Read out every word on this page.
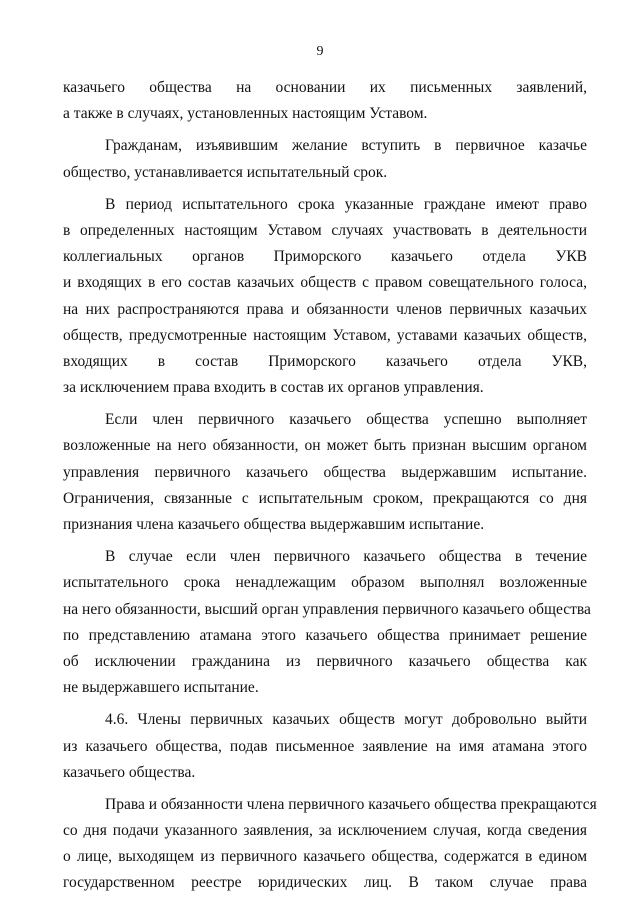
9
казачьего общества на основании их письменных заявлений,
а также в случаях, установленных настоящим Уставом.
Гражданам, изъявившим желание вступить в первичное казачье
общество, устанавливается испытательный срок.
В период испытательного срока указанные граждане имеют право
в определенных настоящим Уставом случаях участвовать в деятельности
коллегиальных органов Приморского казачьего отдела УКВ
и входящих в его состав казачьих обществ с правом совещательного голоса,
на них распространяются права и обязанности членов первичных казачьих
обществ, предусмотренные настоящим Уставом, уставами казачьих обществ,
входящих в состав Приморского казачьего отдела УКВ,
за исключением права входить в состав их органов управления.
Если член первичного казачьего общества успешно выполняет
возложенные на него обязанности, он может быть признан высшим органом
управления первичного казачьего общества выдержавшим испытание.
Ограничения, связанные с испытательным сроком, прекращаются со дня
признания члена казачьего общества выдержавшим испытание.
В случае если член первичного казачьего общества в течение
испытательного срока ненадлежащим образом выполнял возложенные
на него обязанности, высший орган управления первичного казачьего общества
по представлению атамана этого казачьего общества принимает решение
об исключении гражданина из первичного казачьего общества как
не выдержавшего испытание.
4.6. Члены первичных казачьих обществ могут добровольно выйти
из казачьего общества, подав письменное заявление на имя атамана этого
казачьего общества.
Права и обязанности члена первичного казачьего общества прекращаются
со дня подачи указанного заявления, за исключением случая, когда сведения
о лице, выходящем из первичного казачьего общества, содержатся в едином
государственном реестре юридических лиц. В таком случае права
